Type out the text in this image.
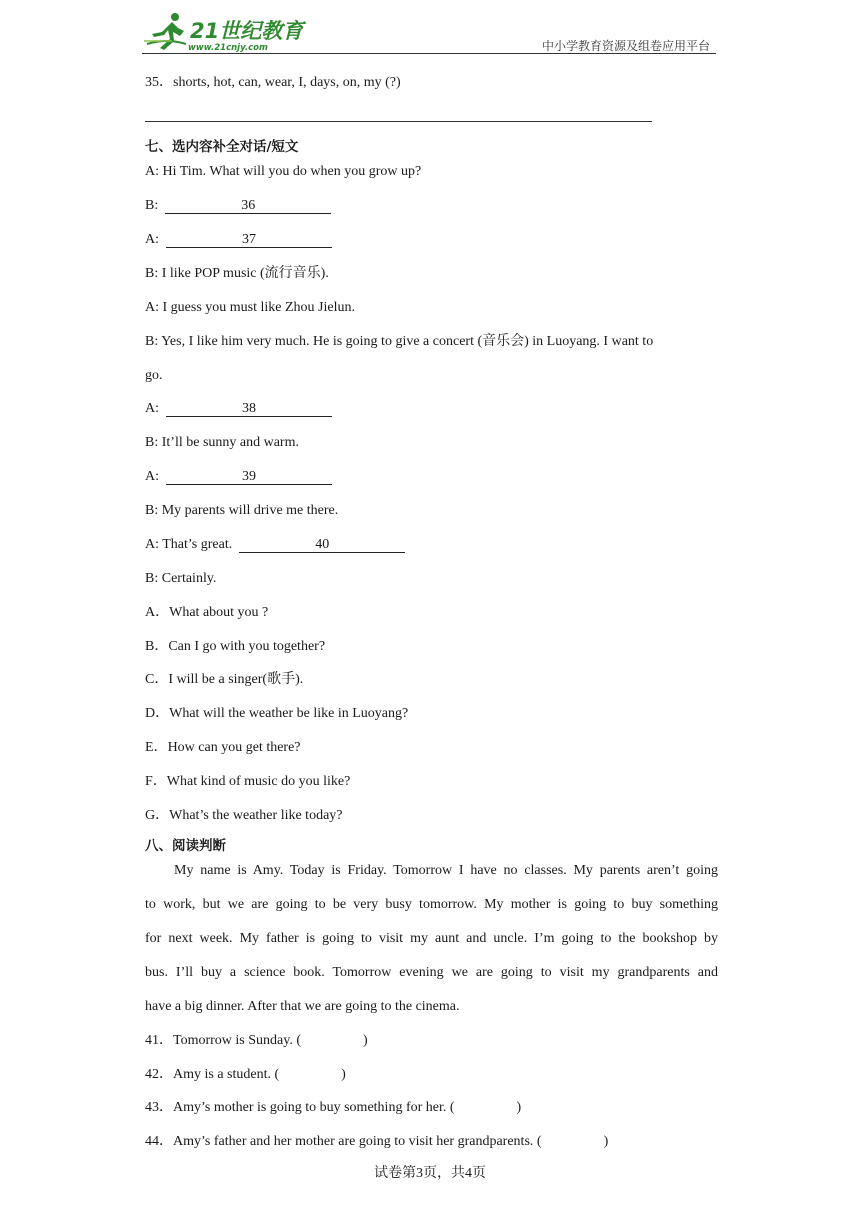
21世纪教育
www.21cnjy.com	中小学教育资源及组卷应用平台
35．shorts, hot, can, wear, I, days, on, my (?)
七、选内容补全对话/短文
A: Hi Tim. What will you do when you grow up?
B:	36
A:	37
B: I like POP music (流行音乐).
A: I guess you must like Zhou Jielun.
B: Yes, I like him very much. He is going to give a concert (音乐会) in Luoyang. I want to
go.
A:	38
B: It’ll be sunny and warm.
A:	39
B: My parents will drive me there.
A: That’s great.	40
B: Certainly.
A．What about you ?
B．Can I go with you together?
C．I will be a singer(歌手).
D．What will the weather be like in Luoyang?
E．How can you get there?
F．What kind of music do you like?
G．What’s the weather like today?
八、阅读判断
My name is Amy. Today is Friday. Tomorrow I have no classes. My parents aren’t going
to work, but we are going to be very busy tomorrow. My mother is going to buy something
for next week. My father is going to visit my aunt and uncle. I’m going to the bookshop by
bus. I’ll buy a science book. Tomorrow evening we are going to visit my grandparents and
have a big dinner. After that we are going to the cinema.
41．Tomorrow is Sunday. (	)
42．Amy is a student. (	)
43．Amy’s mother is going to buy something for her. (	)
44．Amy’s father and her mother are going to visit her grandparents. (	)
试卷第3页，共4页
